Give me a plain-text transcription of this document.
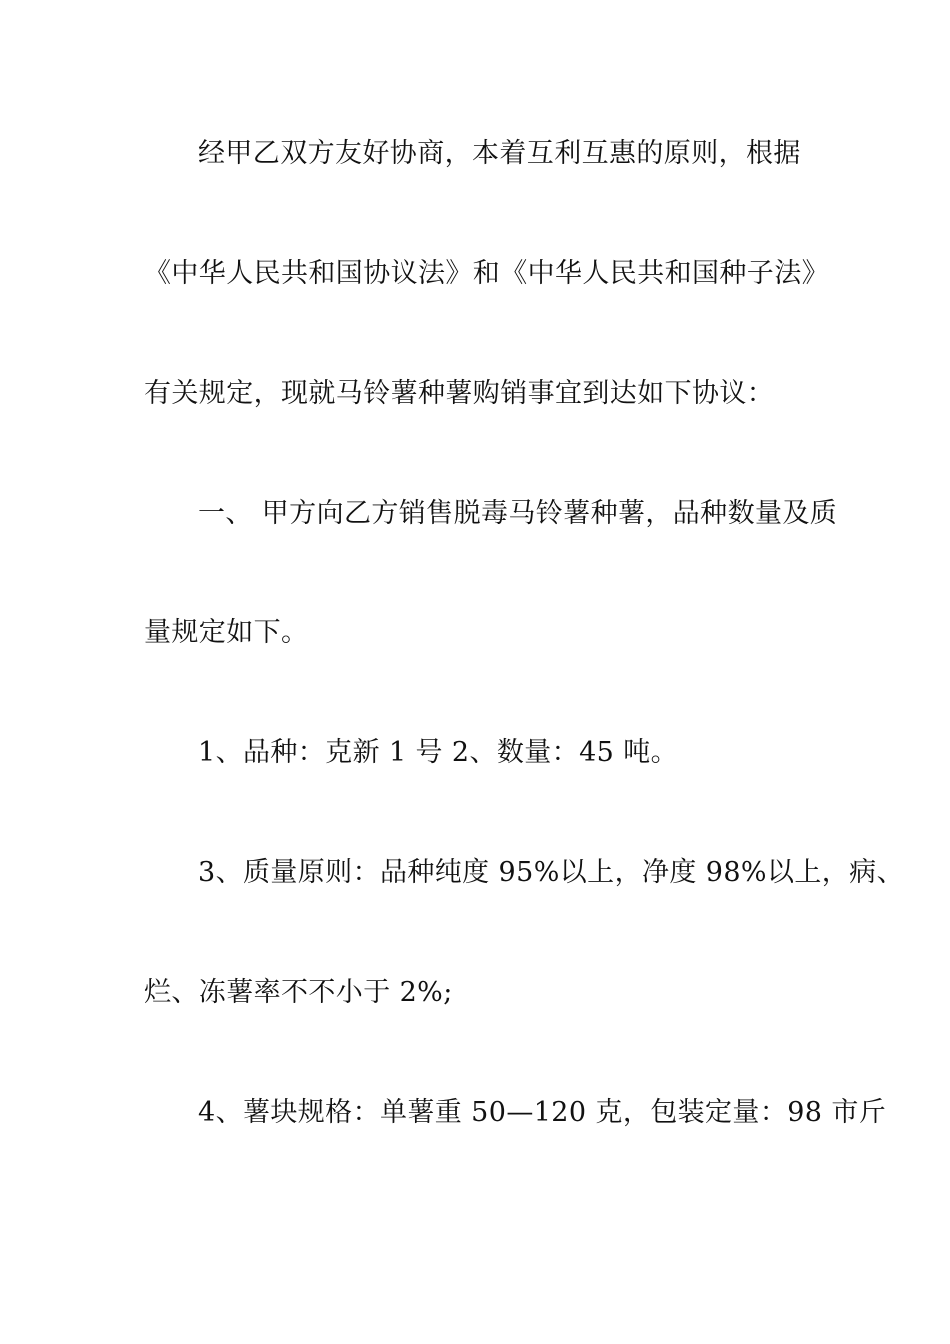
经甲乙双方友好协商，本着互利互惠的原则，根据
《中华人民共和国协议法》和《中华人民共和国种子法》
有关规定，现就马铃薯种薯购销事宜到达如下协议：
一、 甲方向乙方销售脱毒马铃薯种薯，品种数量及质
量规定如下。
1、品种：克新 1 号 2、数量：45 吨。
3、质量原则：品种纯度 95%以上，净度 98%以上，病、
烂、冻薯率不不小于 2%;
4、薯块规格：单薯重 50—120 克，包装定量：98 市斤
